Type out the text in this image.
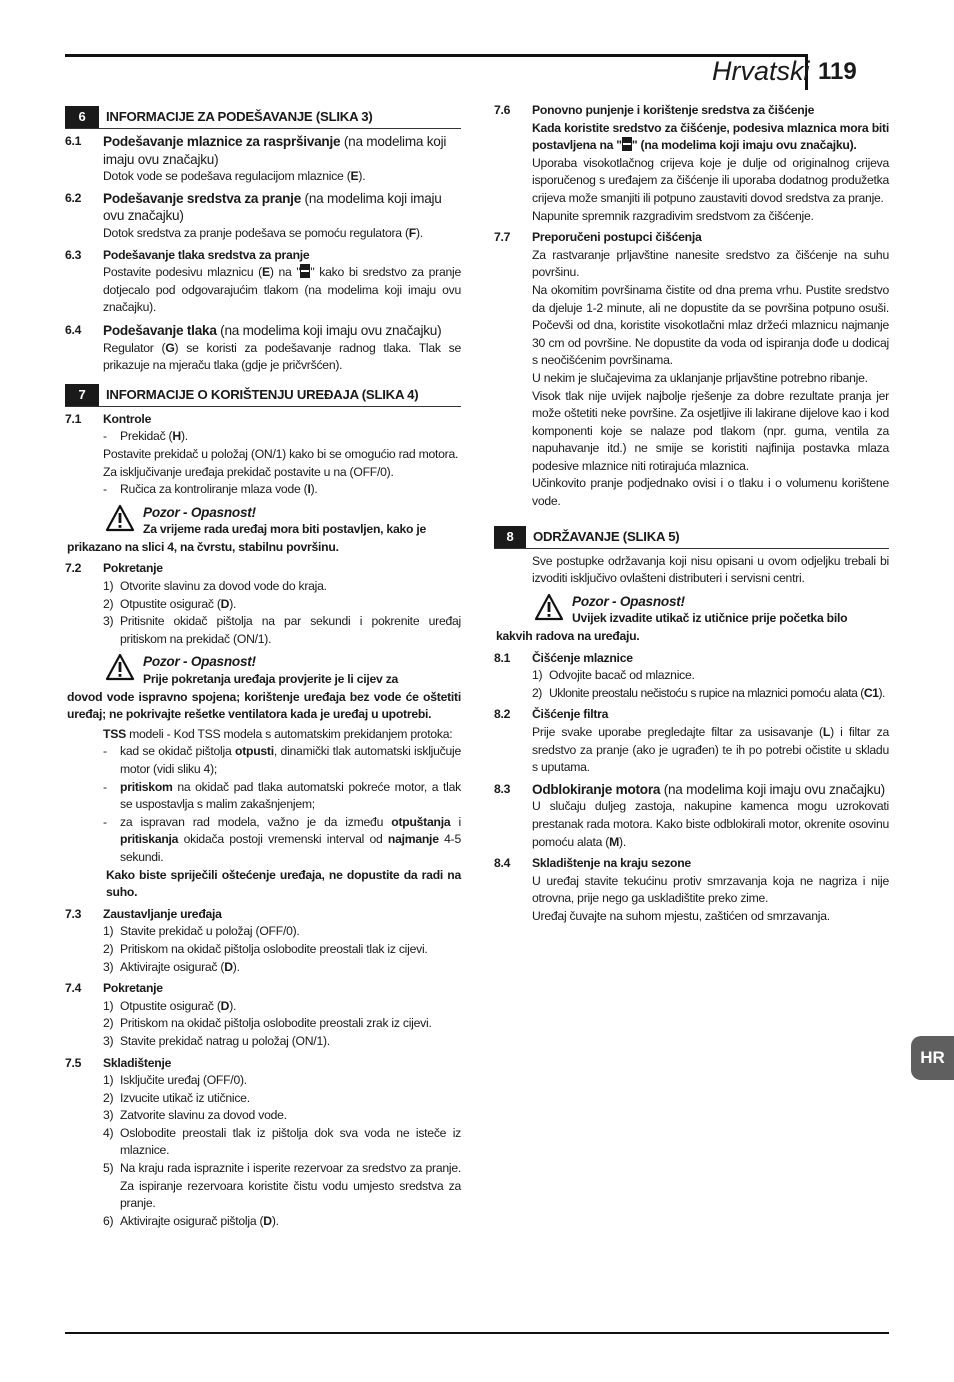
Hrvatski 119
6	INFORMACIJE ZA PODEŠAVANJE (SLIKA 3)
6.1	Podešavanje mlaznice za raspršivanje (na modelima koji imaju ovu značajku)
Dotok vode se podešava regulacijom mlaznice (E).
6.2	Podešavanje sredstva za pranje (na modelima koji imaju ovu značajku)
Dotok sredstva za pranje podešava se pomoću regulatora (F).
6.3	Podešavanje tlaka sredstva za pranje
Postavite podesivu mlaznicu (E) na " " kako bi sredstvo za pranje dotjecalo pod odgovarajućim tlakom (na modelima koji imaju ovu značajku).
6.4	Podešavanje tlaka (na modelima koji imaju ovu značajku)
Regulator (G) se koristi za podešavanje radnog tlaka. Tlak se prikazuje na mjeraču tlaka (gdje je pričvršćen).
7	INFORMACIJE O KORIŠTENJU UREĐAJA (SLIKA 4)
7.1	Kontrole
-	Prekidač (H).
Postavite prekidač u položaj (ON/1) kako bi se omogućio rad motora.
Za isključivanje uređaja prekidač postavite u na (OFF/0).
-	Ručica za kontroliranje mlaza vode (I).
Pozor - Opasnost!
Za vrijeme rada uređaj mora biti postavljen, kako je
prikazano na slici 4, na čvrstu, stabilnu površinu.
7.2	Pokretanje
1) Otvorite slavinu za dovod vode do kraja.
2) Otpustite osigurač (D).
3) Pritisnite okidač pištolja na par sekundi i pokrenite uređaj pritiskom na prekidač (ON/1).
Pozor - Opasnost!
Prije pokretanja uređaja provjerite je li cijev za
dovod vode ispravno spojena; korištenje uređaja bez vode će oštetiti uređaj; ne pokrivajte rešetke ventilatora kada je uređaj u upotrebi.
TSS modeli - Kod TSS modela s automatskim prekidanjem protoka:
-	kad se okidač pištolja otpusti, dinamički tlak automatski isključuje motor (vidi sliku 4);
-	pritiskom na okidač pad tlaka automatski pokreće motor, a tlak se uspostavlja s malim zakašnjenjem;
-	za ispravan rad modela, važno je da između otpuštanja i pritiskanja okidača postoji vremenski interval od najmanje 4-5 sekundi.
Kako biste spriječili oštećenje uređaja, ne dopustite da radi na suho.
7.3	Zaustavljanje uređaja
1) Stavite prekidač u položaj (OFF/0).
2) Pritiskom na okidač pištolja oslobodite preostali tlak iz cijevi.
3) Aktivirajte osigurač (D).
7.4	Pokretanje
1) Otpustite osigurač (D).
2) Pritiskom na okidač pištolja oslobodite preostali zrak iz cijevi.
3) Stavite prekidač natrag u položaj (ON/1).
7.5	Skladištenje
1) Isključite uređaj (OFF/0).
2) Izvucite utikač iz utičnice.
3) Zatvorite slavinu za dovod vode.
4) Oslobodite preostali tlak iz pištolja dok sva voda ne isteče iz mlaznice.
5) Na kraju rada ispraznite i isperite rezervoar za sredstvo za pranje. Za ispiranje rezervoara koristite čistu vodu umjesto sredstva za pranje.
6) Aktivirajte osigurač pištolja (D).
7.6	Ponovno punjenje i korištenje sredstva za čišćenje
Kada koristite sredstvo za čišćenje, podesiva mlaznica mora biti postavljena na " " (na modelima koji imaju ovu značajku).
Uporaba visokotlačnog crijeva koje je dulje od originalnog crijeva isporučenog s uređajem za čišćenje ili uporaba dodatnog produžetka crijeva može smanjiti ili potpuno zaustaviti dovod sredstva za pranje.
Napunite spremnik razgradivim sredstvom za čišćenje.
7.7	Preporučeni postupci čišćenja
Za rastvaranje prljavštine nanesite sredstvo za čišćenje na suhu površinu.
Na okomitim površinama čistite od dna prema vrhu. Pustite sredstvo da djeluje 1-2 minute, ali ne dopustite da se površina potpuno osuši. Počevši od dna, koristite visokotlačni mlaz držeći mlaznicu najmanje 30 cm od površine. Ne dopustite da voda od ispiranja dođe u dodicaj s neočišćenim površinama.
U nekim je slučajevima za uklanjanje prljavštine potrebno ribanje.
Visok tlak nije uvijek najbolje rješenje za dobre rezultate pranja jer može oštetiti neke površine. Za osjetljive ili lakirane dijelove kao i kod komponenti koje se nalaze pod tlakom (npr. guma, ventila za napuhavanje itd.) ne smije se koristiti najfinija postavka mlaza podesive mlaznice niti rotirajuća mlaznica.
Učinkovito pranje podjednako ovisi i o tlaku i o volumenu korištene vode.
8	ODRŽAVANJE (SLIKA 5)
Sve postupke održavanja koji nisu opisani u ovom odjeljku trebali bi izvoditi isključivo ovlašteni distributeri i servisni centri.
Pozor - Opasnost!
Uvijek izvadite utikač iz utičnice prije početka bilo
kakvih radova na uređaju.
8.1	Čišćenje mlaznice
1) Odvojite bacač od mlaznice.
2) Uklonite preostalu nečistoću s rupice na mlaznici pomoću alata (C1).
8.2	Čišćenje filtra
Prije svake uporabe pregledajte filtar za usisavanje (L) i filtar za sredstvo za pranje (ako je ugrađen) te ih po potrebi očistite u skladu s uputama.
8.3	Odblokiranje motora (na modelima koji imaju ovu značajku)
U slučaju duljeg zastoja, nakupine kamenca mogu uzrokovati prestanak rada motora. Kako biste odblokirali motor, okrenite osovinu pomoću alata (M).
8.4	Skladištenje na kraju sezone
U uređaj stavite tekućinu protiv smrzavanja koja ne nagriza i nije otrovna, prije nego ga uskladištite preko zime.
Uređaj čuvajte na suhom mjestu, zaštićen od smrzavanja.
HR
